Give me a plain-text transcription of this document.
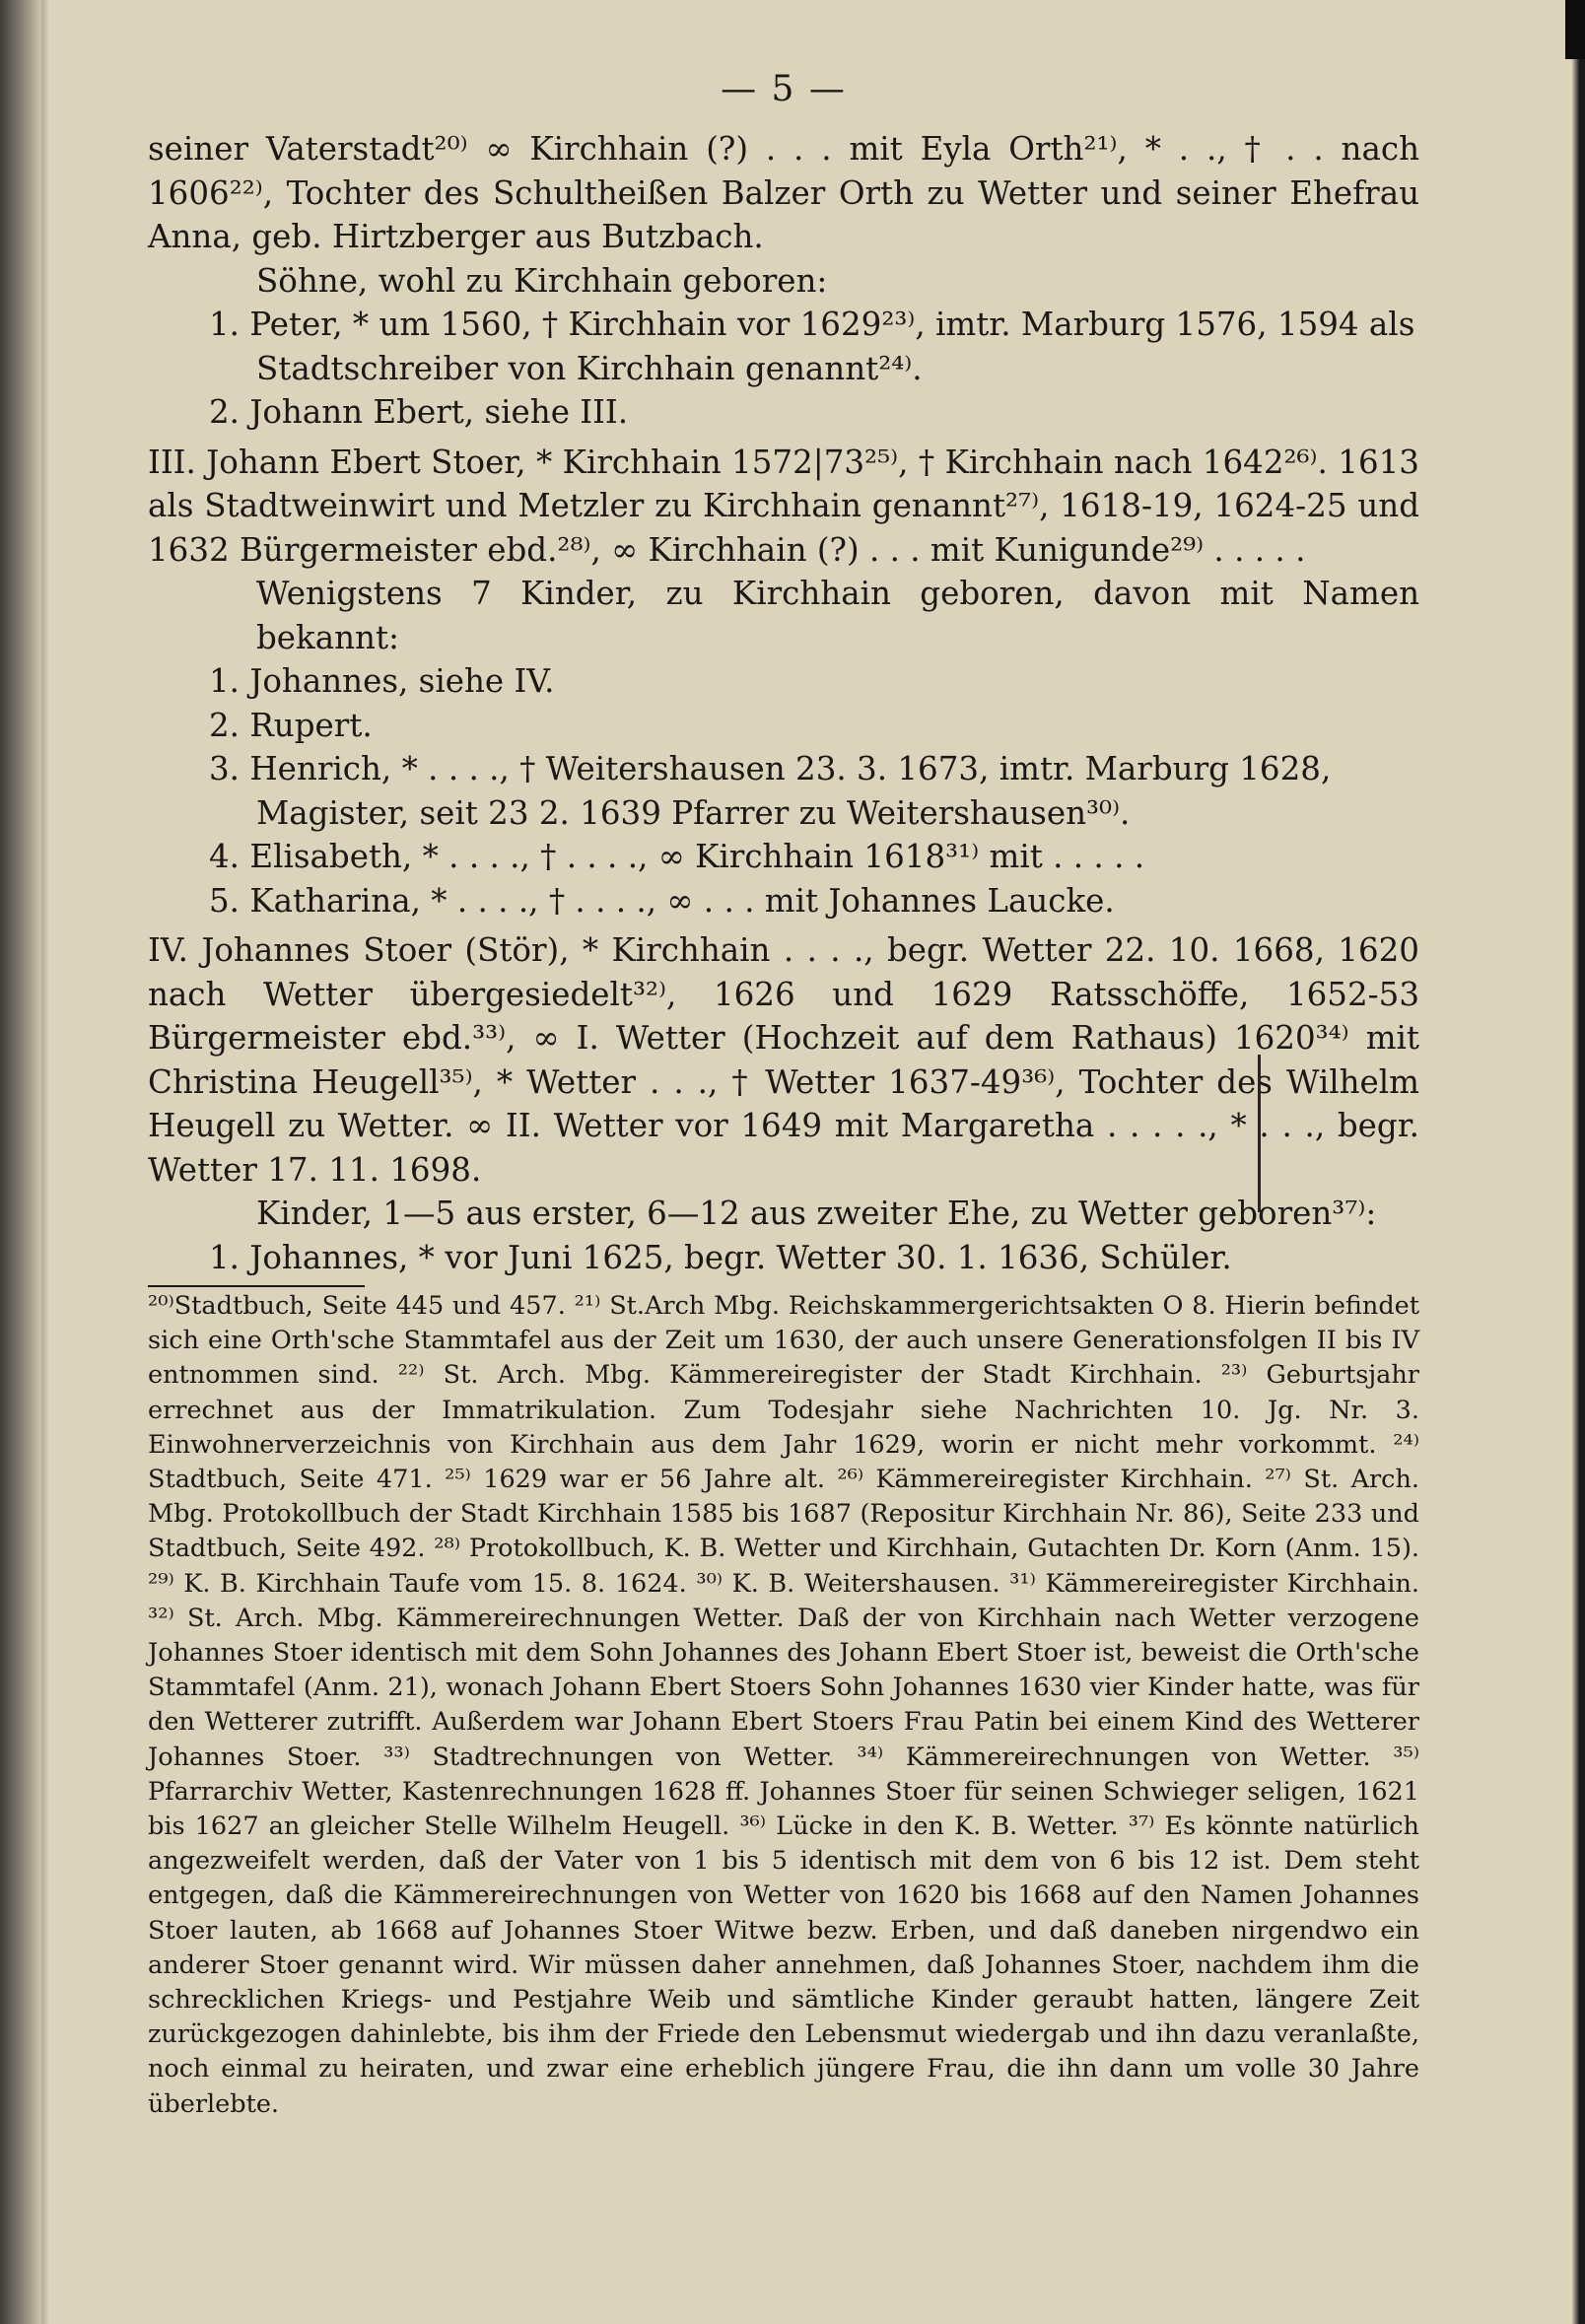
— 5 —

seiner Vaterstadt²⁰⁾ ∞ Kirchhain (?) . . . mit Eyla Orth²¹⁾, * . ., † . . nach 1606²²⁾, Tochter des Schultheißen Balzer Orth zu Wetter und seiner Ehefrau Anna, geb. Hirtzberger aus Butzbach.

Söhne, wohl zu Kirchhain geboren:

1. Peter, * um 1560, † Kirchhain vor 1629²³⁾, imtr. Marburg 1576, 1594 als Stadtschreiber von Kirchhain genannt²⁴⁾.

2. Johann Ebert, siehe III.

III. Johann Ebert Stoer, * Kirchhain 1572|73²⁵⁾, † Kirchhain nach 1642²⁶⁾. 1613 als Stadtweinwirt und Metzler zu Kirchhain genannt²⁷⁾, 1618-19, 1624-25 und 1632 Bürgermeister ebd.²⁸⁾, ∞ Kirchhain (?) . . . mit Kunigunde²⁹⁾ . . . . .

Wenigstens 7 Kinder, zu Kirchhain geboren, davon mit Namen bekannt:

1. Johannes, siehe IV.

2. Rupert.

3. Henrich, * . . . ., † Weitershausen 23. 3. 1673, imtr. Marburg 1628, Magister, seit 23 2. 1639 Pfarrer zu Weitershausen³⁰⁾.

4. Elisabeth, * . . . ., † . . . ., ∞ Kirchhain 1618³¹⁾ mit . . . . .

5. Katharina, * . . . ., † . . . ., ∞ . . . mit Johannes Laucke.

IV. Johannes Stoer (Stör), * Kirchhain . . . ., begr. Wetter 22. 10. 1668, 1620 nach Wetter übergesiedelt³²⁾, 1626 und 1629 Ratsschöffe, 1652-53 Bürgermeister ebd.³³⁾, ∞ I. Wetter (Hochzeit auf dem Rathaus) 1620³⁴⁾ mit Christina Heugell³⁵⁾, * Wetter . . ., † Wetter 1637-49³⁶⁾, Tochter des Wilhelm Heugell zu Wetter. ∞ II. Wetter vor 1649 mit Margaretha . . . . ., * . . ., begr. Wetter 17. 11. 1698.

Kinder, 1—5 aus erster, 6—12 aus zweiter Ehe, zu Wetter geboren³⁷⁾:

1. Johannes, * vor Juni 1625, begr. Wetter 30. 1. 1636, Schüler.

²⁰⁾Stadtbuch, Seite 445 und 457. ²¹⁾ St.Arch Mbg. Reichskammergerichtsakten O 8. Hierin befindet sich eine Orth'sche Stammtafel aus der Zeit um 1630, der auch unsere Generationsfolgen II bis IV entnommen sind. ²²⁾ St. Arch. Mbg. Kämmereiregister der Stadt Kirchhain. ²³⁾ Geburtsjahr errechnet aus der Immatrikulation. Zum Todesjahr siehe Nachrichten 10. Jg. Nr. 3. Einwohnerverzeichnis von Kirchhain aus dem Jahr 1629, worin er nicht mehr vorkommt. ²⁴⁾ Stadtbuch, Seite 471. ²⁵⁾ 1629 war er 56 Jahre alt. ²⁶⁾ Kämmereiregister Kirchhain. ²⁷⁾ St. Arch. Mbg. Protokollbuch der Stadt Kirchhain 1585 bis 1687 (Repositur Kirchhain Nr. 86), Seite 233 und Stadtbuch, Seite 492. ²⁸⁾ Protokollbuch, K. B. Wetter und Kirchhain, Gutachten Dr. Korn (Anm. 15). ²⁹⁾ K. B. Kirchhain Taufe vom 15. 8. 1624. ³⁰⁾ K. B. Weitershausen. ³¹⁾ Kämmereiregister Kirchhain. ³²⁾ St. Arch. Mbg. Kämmereirechnungen Wetter. Daß der von Kirchhain nach Wetter verzogene Johannes Stoer identisch mit dem Sohn Johannes des Johann Ebert Stoer ist, beweist die Orth'sche Stammtafel (Anm. 21), wonach Johann Ebert Stoers Sohn Johannes 1630 vier Kinder hatte, was für den Wetterer zutrifft. Außerdem war Johann Ebert Stoers Frau Patin bei einem Kind des Wetterer Johannes Stoer. ³³⁾ Stadtrechnungen von Wetter. ³⁴⁾ Kämmereirechnungen von Wetter. ³⁵⁾ Pfarrarchiv Wetter, Kastenrechnungen 1628 ff. Johannes Stoer für seinen Schwieger seligen, 1621 bis 1627 an gleicher Stelle Wilhelm Heugell. ³⁶⁾ Lücke in den K. B. Wetter. ³⁷⁾ Es könnte natürlich angezweifelt werden, daß der Vater von 1 bis 5 identisch mit dem von 6 bis 12 ist. Dem steht entgegen, daß die Kämmereirechnungen von Wetter von 1620 bis 1668 auf den Namen Johannes Stoer lauten, ab 1668 auf Johannes Stoer Witwe bezw. Erben, und daß daneben nirgendwo ein anderer Stoer genannt wird. Wir müssen daher annehmen, daß Johannes Stoer, nachdem ihm die schrecklichen Kriegs- und Pestjahre Weib und sämtliche Kinder geraubt hatten, längere Zeit zurückgezogen dahinlebte, bis ihm der Friede den Lebensmut wiedergab und ihn dazu veranlaßte, noch einmal zu heiraten, und zwar eine erheblich jüngere Frau, die ihn dann um volle 30 Jahre überlebte.
